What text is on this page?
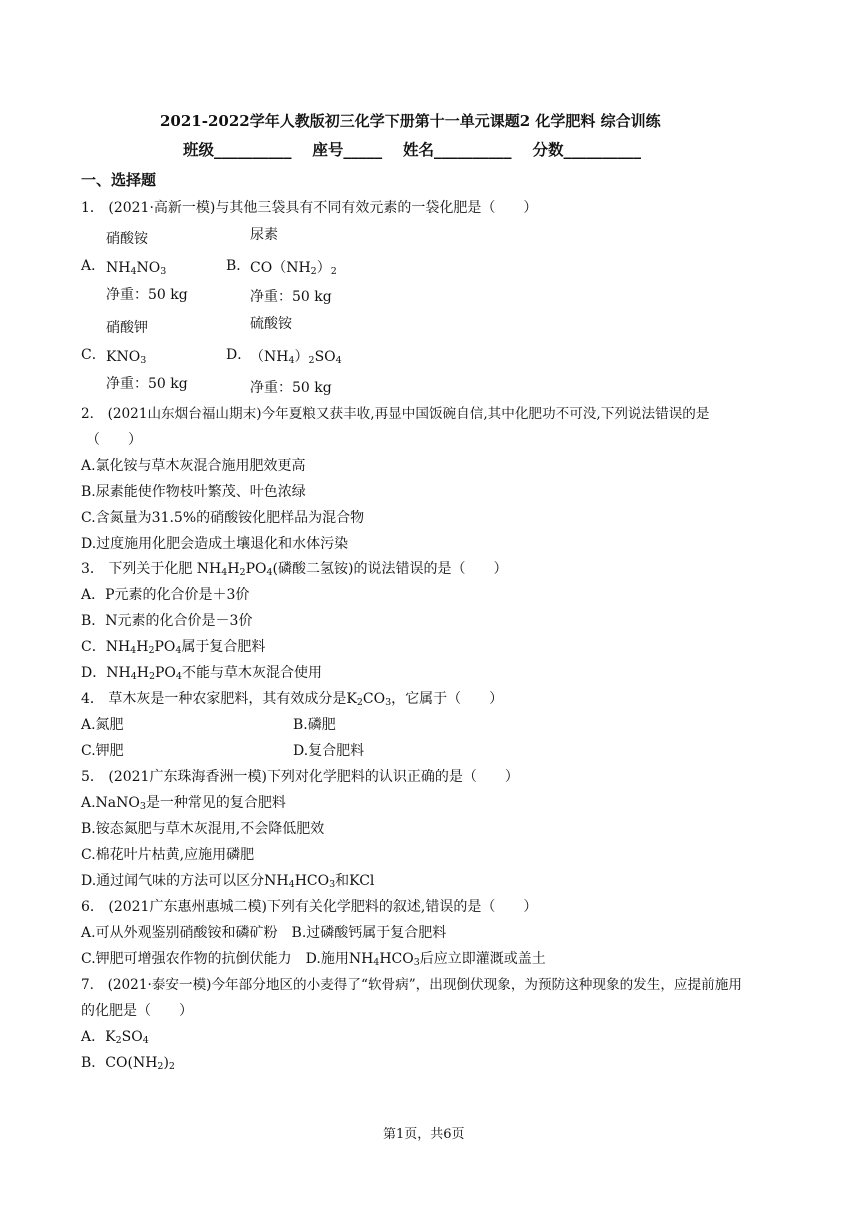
2021-2022学年人教版初三化学下册第十一单元课题2 化学肥料 综合训练
班级__________　 座号_____　 姓名__________　 分数__________
一、选择题
1． (2021·高新一模)与其他三袋具有不同有效元素的一袋化肥是（　　）
硝酸铵
A． $NH_4NO_3$
净重：50 kg
尿素
B． $CO(NH_2)_2$
净重：50 kg
硝酸钾
C． $KNO_3$
净重：50 kg
硫酸铵
D．
$(NH_4)_2SO_4$
净重：50 kg
2． (2021山东烟台福山期末)今年夏粮又获丰收,再显中国饭碗自信,其中化肥功不可没,下列说法错误的是
（　　）
A.氯化铵与草木灰混合施用肥效更高
B.尿素能使作物枝叶繁茂、叶色浓绿
C.含氮量为31.5%的硝酸铵化肥样品为混合物
D.过度施用化肥会造成土壤退化和水体污染
3． 下列关于化肥 $NH_4H_2PO_4$(磷酸二氢铵)的说法错误的是（　　）
A．P元素的化合价是＋3价
B．N元素的化合价是－3价
C．$NH_4H_2PO_4$属于复合肥料
D．$NH_4H_2PO_4$不能与草木灰混合使用
4． 草木灰是一种农家肥料，其有效成分是$K_2CO_3$，它属于（　　）
A.氮肥	B.磷肥
C.钾肥	D.复合肥料
5． (2021广东珠海香洲一模)下列对化学肥料的认识正确的是（　　）
A.NaNO$_3$是一种常见的复合肥料
B.铵态氮肥与草木灰混用,不会降低肥效
C.棉花叶片枯黄,应施用磷肥
D.通过闻气味的方法可以区分$NH_4HCO_3$和KCl
6． (2021广东惠州惠城二模)下列有关化学肥料的叙述,错误的是（　　）
A.可从外观鉴别硝酸铵和磷矿粉　B.过磷酸钙属于复合肥料
C.钾肥可增强农作物的抗倒伏能力　D.施用$NH_4HCO_3$后应立即灌溉或盖土
7． (2021·泰安一模)今年部分地区的小麦得了“软骨病”，出现倒伏现象，为预防这种现象的发生，应提前施用
的化肥是（　　）
A．$K_2SO_4$
B．$CO(NH_2)_2$
第1页，共6页
